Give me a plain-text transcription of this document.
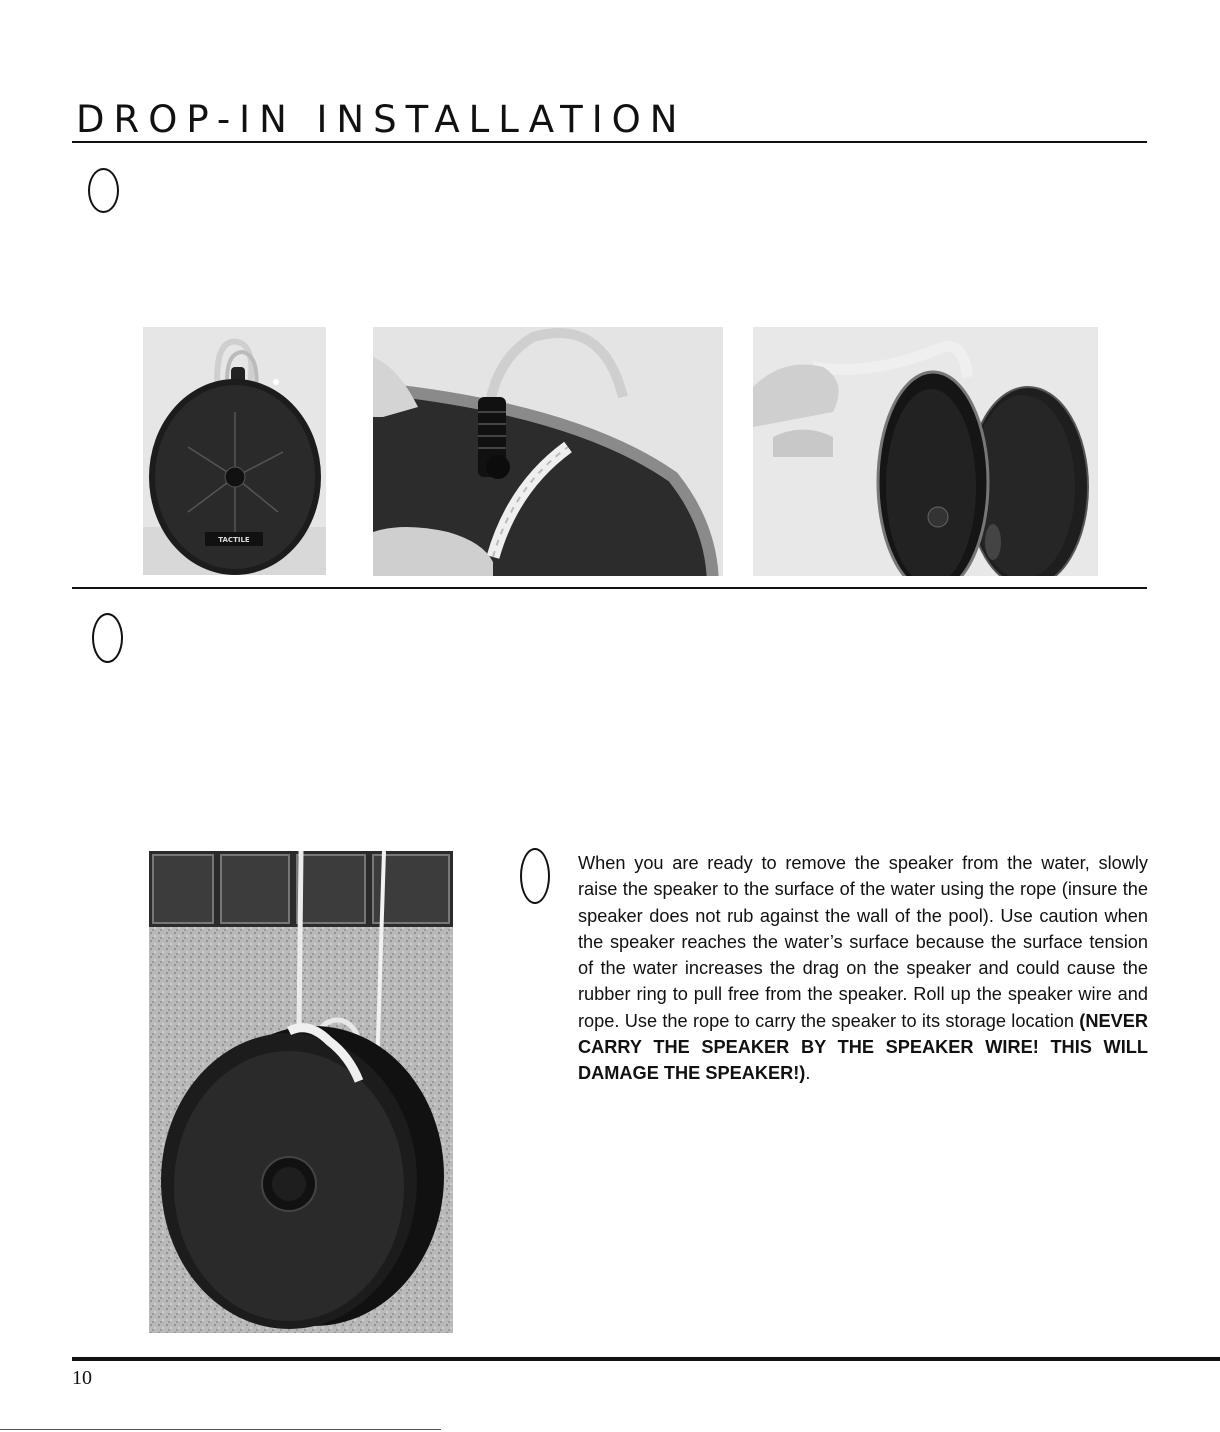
DROP-IN INSTALLATION
TACTILE

When you are ready to remove the speaker from the water, slowly raise the speaker to the surface of the water using the rope (insure the speaker does not rub against the wall of the pool). Use caution when the speaker reaches the water’s surface because the surface tension of the water increases the drag on the speaker and could cause the rubber ring to pull free from the speaker. Roll up the speaker wire and rope. Use the rope to carry the speaker to its storage location (NEVER CARRY THE SPEAKER BY THE SPEAKER WIRE! THIS WILL DAMAGE THE SPEAKER!).

10
